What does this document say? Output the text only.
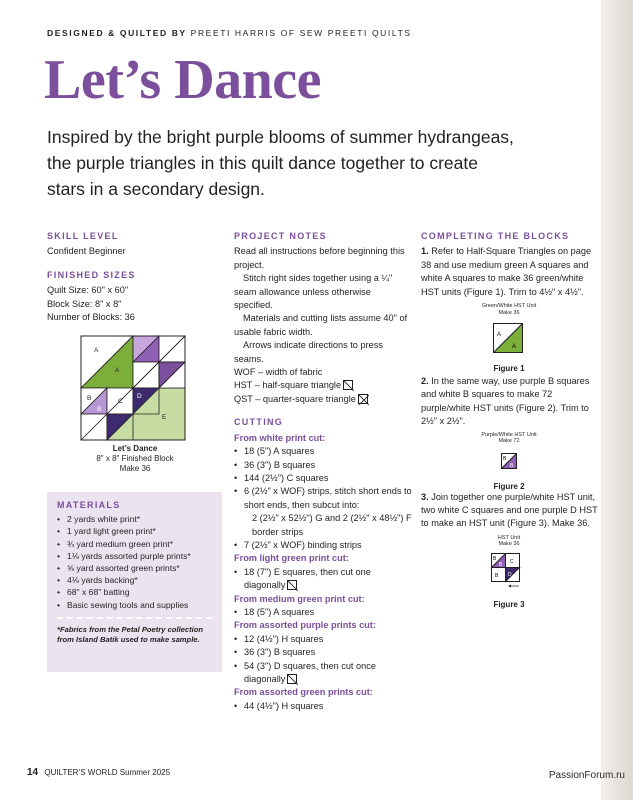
DESIGNED & QUILTED BY PREETI HARRIS OF SEW PREETI QUILTS
Let’s Dance

Inspired by the bright purple blooms of summer hydrangeas, the purple triangles in this quilt dance together to create stars in a secondary design.

SKILL LEVEL
Confident Beginner
FINISHED SIZES
Quilt Size: 60" x 60"
Block Size: 8" x 8"
Number of Blocks: 36
A
A
B
B
C
D
E
Let’s Dance
8" x 8" Finished Block
Make 36
MATERIALS
• 2 yards white print*
• 1 yard light green print*
• ¾ yard medium green print*
• 1⅛ yards assorted purple prints*
• ⅝ yard assorted green prints*
• 4⅛ yards backing*
• 68" x 68" batting
• Basic sewing tools and supplies
*Fabrics from the Petal Poetry collection from Island Batik used to make sample.
PROJECT NOTES
Read all instructions before beginning this project.
Stitch right sides together using a ¼" seam allowance unless otherwise specified.
Materials and cutting lists assume 40" of usable fabric width.
Arrows indicate directions to press seams.
WOF – width of fabric
HST – half-square triangle
QST – quarter-square triangle
CUTTING
From white print cut:
• 18 (5") A squares
• 36 (3") B squares
• 144 (2½") C squares
• 6 (2½" x WOF) strips, stitch short ends to short ends, then subcut into:
2 (2½" x 52½") G and 2 (2½" x 48½") F border strips
• 7 (2½" x WOF) binding strips
From light green print cut:
• 18 (7") E squares, then cut one diagonally
From medium green print cut:
• 18 (5") A squares
From assorted purple prints cut:
• 12 (4½") H squares
• 36 (3") B squares
• 54 (3") D squares, then cut once diagonally
From assorted green prints cut:
• 44 (4½") H squares
COMPLETING THE BLOCKS
1. Refer to Half-Square Triangles on page 38 and use medium green A squares and white A squares to make 36 green/white HST units (Figure 1). Trim to 4½" x 4½".
Green/White HST Unit
Make 36
A
A
Figure 1
2. In the same way, use purple B squares and white B squares to make 72 purple/white HST units (Figure 2). Trim to 2½" x 2½".
Purple/White HST Unit
Make 72
B
B
Figure 2
3. Join together one purple/white HST unit, two white C squares and one purple D HST to make an HST unit (Figure 3). Make 36.
HST Unit
Make 36
B
B C
B D
Figure 3
14 QUILTER’S WORLD Summer 2025	PassionForum.ru
